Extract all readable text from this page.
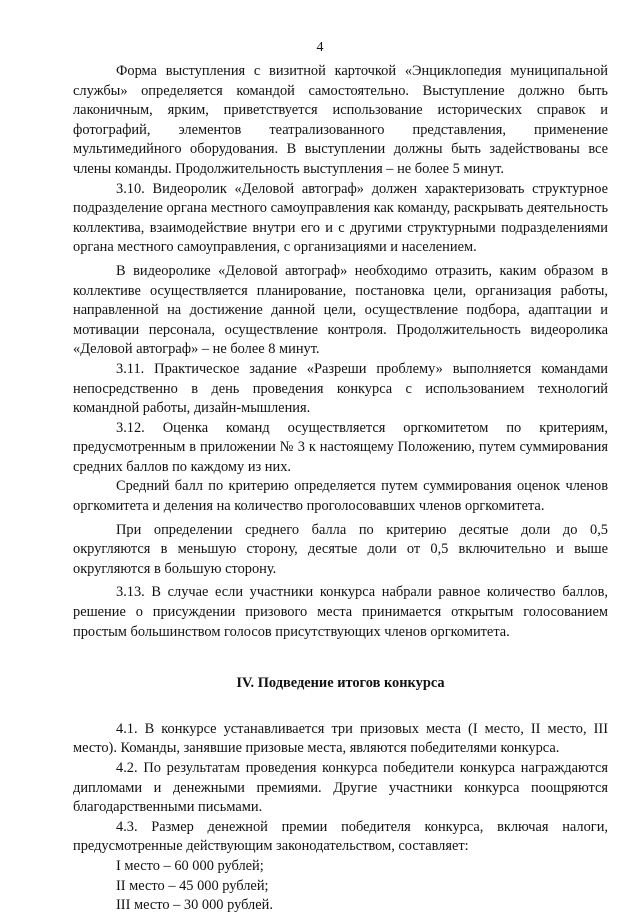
4

Форма выступления с визитной карточкой «Энциклопедия муниципальной службы» определяется командой самостоятельно. Выступление должно быть лаконичным, ярким, приветствуется использование исторических справок и фотографий, элементов театрализованного представления, применение мультимедийного оборудования. В выступлении должны быть задействованы все члены команды. Продолжительность выступления – не более 5 минут.

3.10. Видеоролик «Деловой автограф» должен характеризовать структурное подразделение органа местного самоуправления как команду, раскрывать деятельность коллектива, взаимодействие внутри его и с другими структурными подразделениями органа местного самоуправления, с организациями и населением.

В видеоролике «Деловой автограф» необходимо отразить, каким образом в коллективе осуществляется планирование, постановка цели, организация работы, направленной на достижение данной цели, осуществление подбора, адаптации и мотивации персонала, осуществление контроля. Продолжительность видеоролика «Деловой автограф» – не более 8 минут.

3.11. Практическое задание «Разреши проблему» выполняется командами непосредственно в день проведения конкурса с использованием технологий командной работы, дизайн-мышления.

3.12. Оценка команд осуществляется оргкомитетом по критериям, предусмотренным в приложении № 3 к настоящему Положению, путем суммирования средних баллов по каждому из них.

Средний балл по критерию определяется путем суммирования оценок членов оргкомитета и деления на количество проголосовавших членов оргкомитета.

При определении среднего балла по критерию десятые доли до 0,5 округляются в меньшую сторону, десятые доли от 0,5 включительно и выше округляются в большую сторону.

3.13. В случае если участники конкурса набрали равное количество баллов, решение о присуждении призового места принимается открытым голосованием простым большинством голосов присутствующих членов оргкомитета.

IV. Подведение итогов конкурса

4.1. В конкурсе устанавливается три призовых места (I место, II место, III место). Команды, занявшие призовые места, являются победителями конкурса.

4.2. По результатам проведения конкурса победители конкурса награждаются дипломами и денежными премиями. Другие участники конкурса поощряются благодарственными письмами.

4.3. Размер денежной премии победителя конкурса, включая налоги, предусмотренные действующим законодательством, составляет:

I место – 60 000 рублей;

II место – 45 000 рублей;

III место – 30 000 рублей.
